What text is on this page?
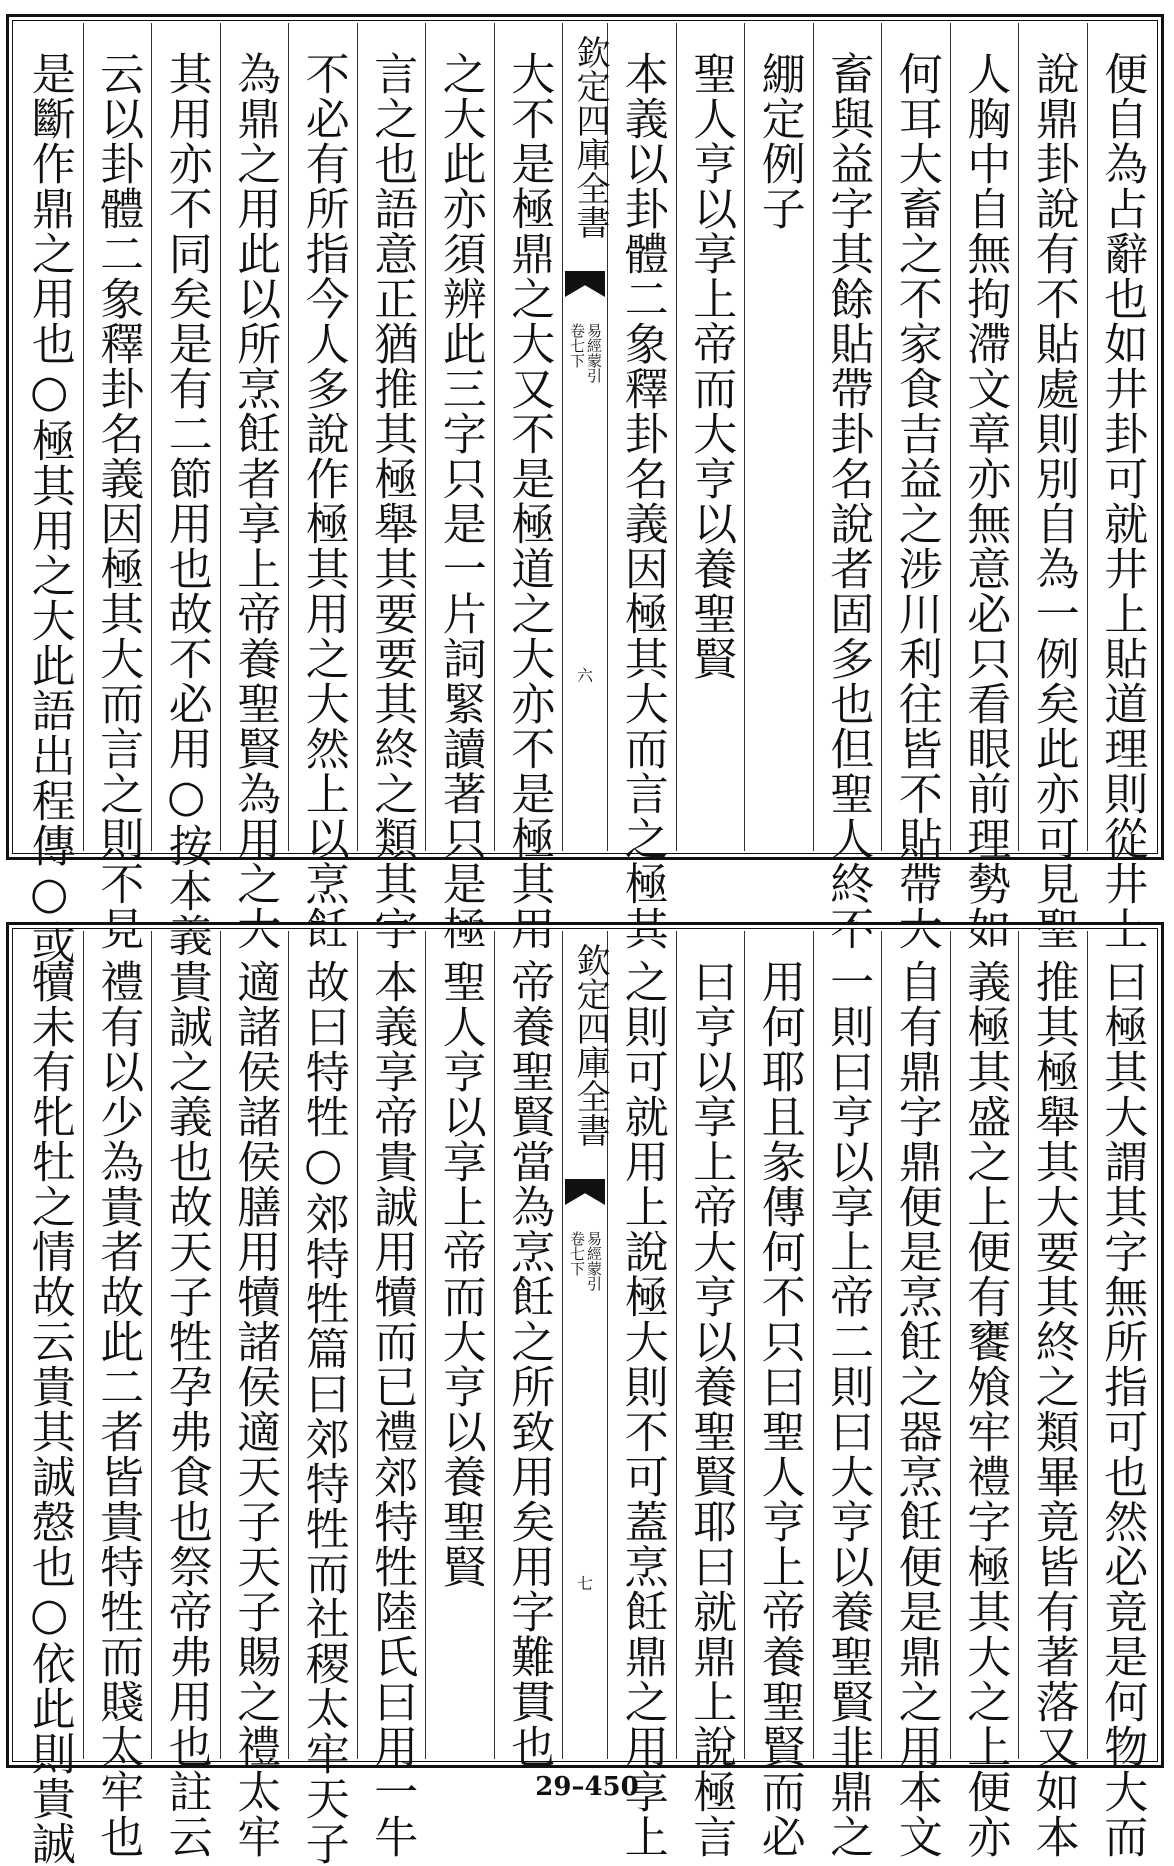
便自為占辭也如井卦可就井上貼道理則從井上
說鼎卦說有不貼處則別自為一例矣此亦可見聖
人胸中自無拘滯文章亦無意必只看眼前理勢如
何耳大畜之不家食吉益之涉川利往皆不貼帶大
畜與益字其餘貼帶卦名說者固多也但聖人終不
綳定例子
聖人亨以享上帝而大亨以養聖賢
本義以卦體二象釋卦名義因極其大而言之極其
欽定四庫全書
易經蒙引
卷七下
六
大不是極鼎之大又不是極道之大亦不是極其用
之大此亦須辨此三字只是一片詞緊讀著只是極
言之也語意正猶推其極舉其要要其終之類其字
不必有所指今人多說作極其用之大然上以烹飪
為鼎之用此以所烹飪者享上帝養聖賢為用之大
其用亦不同矣是有二節用也故不必用○按本義
云以卦體二象釋卦名義因極其大而言之則不見
是斷作鼎之用也○極其用之大此語出程傳○或
曰極其大謂其字無所指可也然必竟是何物大而
推其極舉其大要其終之類畢竟皆有著落又如本
義極其盛之上便有饔飧牢禮字極其大之上便亦
自有鼎字鼎便是烹飪之器烹飪便是鼎之用本文
一則曰亨以享上帝二則曰大亨以養聖賢非鼎之
用何耶且彖傳何不只曰聖人亨上帝養聖賢而必
曰亨以享上帝大亨以養聖賢耶曰就鼎上說極言
之則可就用上說極大則不可蓋烹飪鼎之用享上
欽定四庫全書
易經蒙引
卷七下
七
帝養聖賢當為烹飪之所致用矣用字難貫也
聖人亨以享上帝而大亨以養聖賢
本義享帝貴誠用犢而已禮郊特牲陸氏曰用一牛
故曰特牲○郊特牲篇曰郊特牲而社稷太牢天子
適諸侯諸侯膳用犢諸侯適天子天子賜之禮太牢
貴誠之義也故天子牲孕弗食也祭帝弗用也註云
禮有以少為貴者故此二者皆貴特牲而賤太牢也
犢未有牝牡之情故云貴其誠慤也○依此則貴誠	29–450
